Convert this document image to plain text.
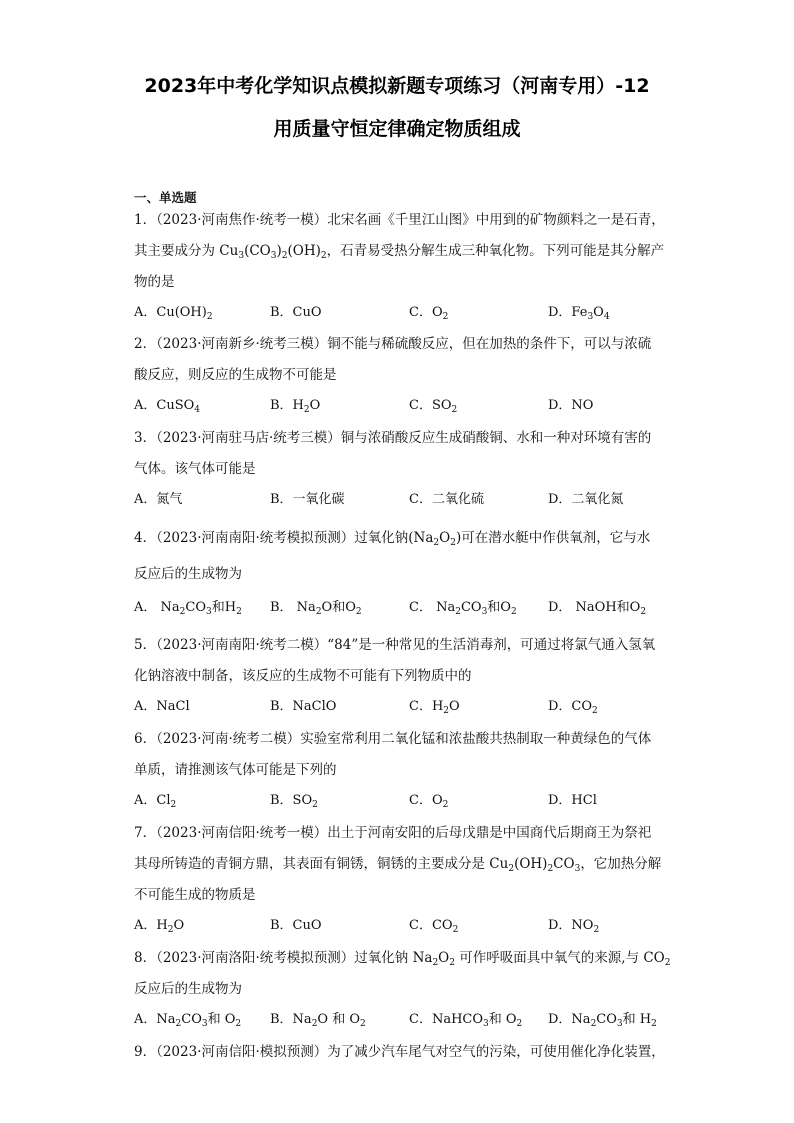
2023年中考化学知识点模拟新题专项练习（河南专用）-12
用质量守恒定律确定物质组成
一、单选题
1．（2023·河南焦作·统考一模）北宋名画《千里江山图》中用到的矿物颜料之一是石青，
其主要成分为 $Cu_3(CO_3)_2(OH)_2$，石青易受热分解生成三种氧化物。下列可能是其分解产
物的是
A．$Cu(OH)_2$	B．CuO	C．$O_2$	D．$Fe_3O_4$
2．（2023·河南新乡·统考三模）铜不能与稀硫酸反应，但在加热的条件下，可以与浓硫
酸反应，则反应的生成物不可能是
A．CuSO$_4$	B．$H_2O$	C．$SO_2$	D．NO
3．（2023·河南驻马店·统考三模）铜与浓硝酸反应生成硝酸铜、水和一种对环境有害的
气体。该气体可能是
A．氮气	B．一氧化碳	C．二氧化硫	D．二氧化氮
4．（2023·河南南阳·统考模拟预测）过氧化钠$(Na_2O_2)$可在潜水艇中作供氧剂，它与水
反应后的生成物为
A． $Na_2CO_3$和$H_2$ B． $Na_2O$和$O_2$	C． $Na_2CO_3$和$O_2$ D． NaOH和$O_2$
5．（2023·河南南阳·统考二模）“84”是一种常见的生活消毒剂，可通过将氯气通入氢氧
化钠溶液中制备，该反应的生成物不可能有下列物质中的
A．NaCl	B．NaClO	C．$H_2O$	D．$CO_2$
6．（2023·河南·统考二模）实验室常利用二氧化锰和浓盐酸共热制取一种黄绿色的气体
单质，请推测该气体可能是下列的
A．$Cl_2$	B．$SO_2$	C．$O_2$	D．HCl
7．（2023·河南信阳·统考一模）出土于河南安阳的后母戊鼎是中国商代后期商王为祭祀
其母所铸造的青铜方鼎，其表面有铜锈，铜锈的主要成分是 $Cu_2(OH)_2CO_3$，它加热分解
不可能生成的物质是
A．$H_2O$	B．CuO	C．$CO_2$	D．$NO_2$
8．（2023·河南洛阳·统考模拟预测）过氧化钠 $Na_2O_2$ 可作呼吸面具中氧气的来源,与 $CO_2$
反应后的生成物为
A．$Na_2CO_3$和 $O_2$ B．$Na_2O$ 和 $O_2$	C．NaHCO$_3$和 $O_2$ D．$Na_2CO_3$和 $H_2$
9．（2023·河南信阳·模拟预测）为了减少汽车尾气对空气的污染，可使用催化净化装置，
